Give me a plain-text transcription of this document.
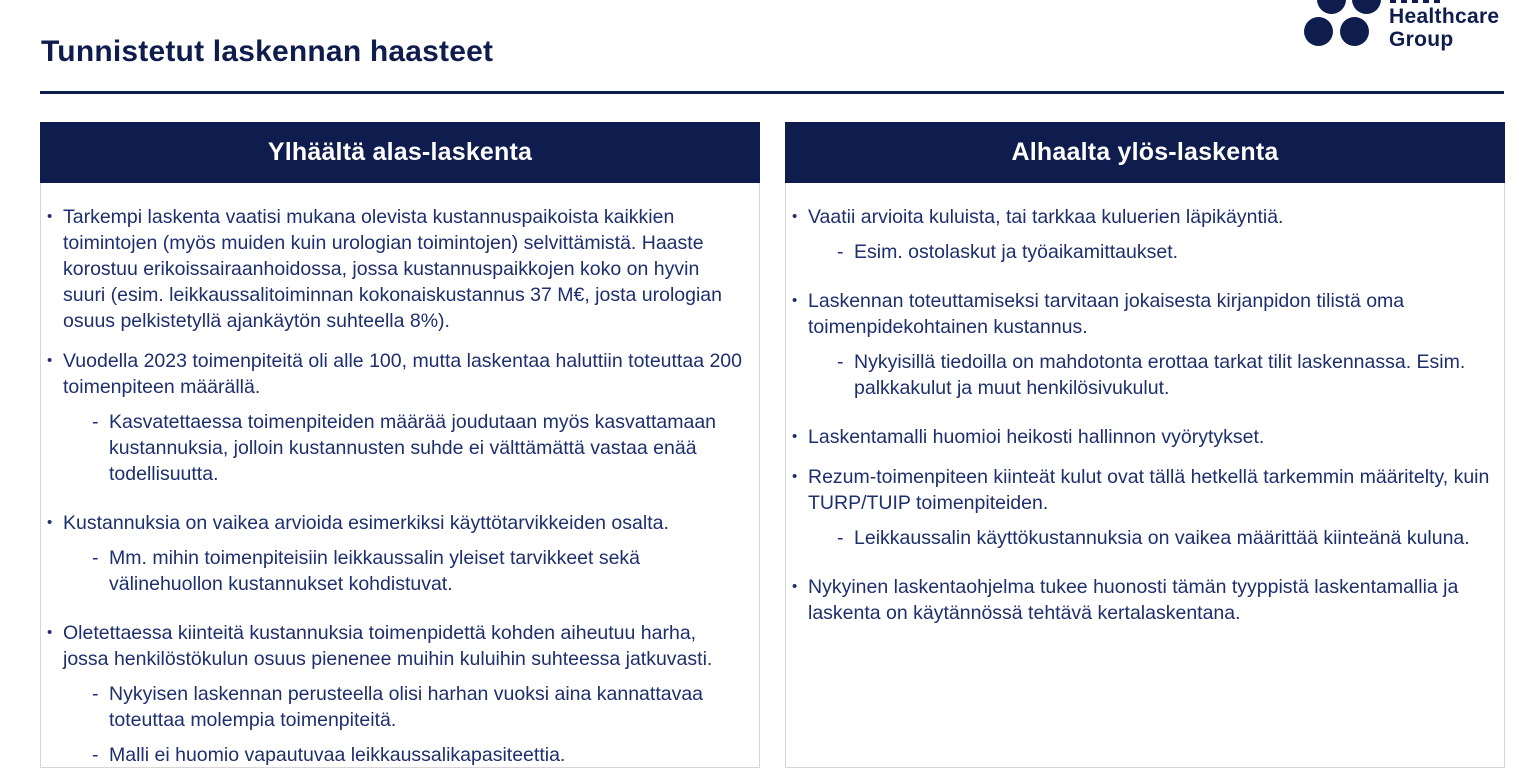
Tunnistetut laskennan haasteet
Healthcare
Group
Ylhäältä alas-laskenta
• Tarkempi laskenta vaatisi mukana olevista kustannuspaikoista kaikkien toimintojen (myös muiden kuin urologian toimintojen) selvittämistä. Haaste korostuu erikoissairaanhoidossa, jossa kustannuspaikkojen koko on hyvin suuri (esim. leikkaussalitoiminnan kokonaiskustannus 37 M€, josta urologian osuus pelkistetyllä ajankäytön suhteella 8%).
• Vuodella 2023 toimenpiteitä oli alle 100, mutta laskentaa haluttiin toteuttaa 200 toimenpiteen määrällä.
- Kasvatettaessa toimenpiteiden määrää joudutaan myös kasvattamaan kustannuksia, jolloin kustannusten suhde ei välttämättä vastaa enää todellisuutta.
• Kustannuksia on vaikea arvioida esimerkiksi käyttötarvikkeiden osalta.
- Mm. mihin toimenpiteisiin leikkaussalin yleiset tarvikkeet sekä välinehuollon kustannukset kohdistuvat.
• Oletettaessa kiinteitä kustannuksia toimenpidettä kohden aiheutuu harha, jossa henkilöstökulun osuus pienenee muihin kuluihin suhteessa jatkuvasti.
- Nykyisen laskennan perusteella olisi harhan vuoksi aina kannattavaa toteuttaa molempia toimenpiteitä.
- Malli ei huomio vapautuvaa leikkaussalikapasiteettia.
Alhaalta ylös-laskenta
• Vaatii arvioita kuluista, tai tarkkaa kuluerien läpikäyntiä.
- Esim. ostolaskut ja työaikamittaukset.
• Laskennan toteuttamiseksi tarvitaan jokaisesta kirjanpidon tilistä oma toimenpidekohtainen kustannus.
- Nykyisillä tiedoilla on mahdotonta erottaa tarkat tilit laskennassa. Esim. palkkakulut ja muut henkilösivukulut.
• Laskentamalli huomioi heikosti hallinnon vyörytykset.
• Rezum-toimenpiteen kiinteät kulut ovat tällä hetkellä tarkemmin määritelty, kuin TURP/TUIP toimenpiteiden.
- Leikkaussalin käyttökustannuksia on vaikea määrittää kiinteänä kuluna.
• Nykyinen laskentaohjelma tukee huonosti tämän tyyppistä laskentamallia ja laskenta on käytännössä tehtävä kertalaskentana.
